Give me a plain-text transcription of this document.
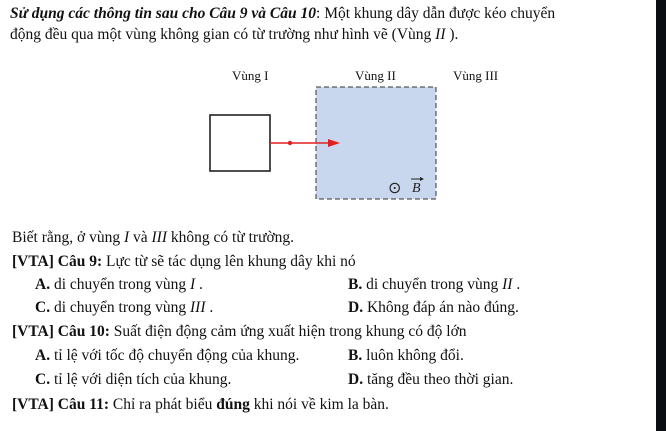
Sử dụng các thông tin sau cho Câu 9 và Câu 10: Một khung dây dẫn được kéo chuyển
động đều qua một vùng không gian có từ trường như hình vẽ (Vùng II ).
Vùng I	Vùng II	Vùng III
⊙ B
Biết rằng, ở vùng I và III không có từ trường.
[VTA] Câu 9: Lực từ sẽ tác dụng lên khung dây khi nó
A. di chuyển trong vùng I .	B. di chuyển trong vùng II .
C. di chuyển trong vùng III .	D. Không đáp án nào đúng.
[VTA] Câu 10: Suất điện động cảm ứng xuất hiện trong khung có độ lớn
A. tỉ lệ với tốc độ chuyển động của khung.	B. luôn không đổi.
C. tỉ lệ với diện tích của khung.	D. tăng đều theo thời gian.
[VTA] Câu 11: Chỉ ra phát biểu đúng khi nói về kim la bàn.
